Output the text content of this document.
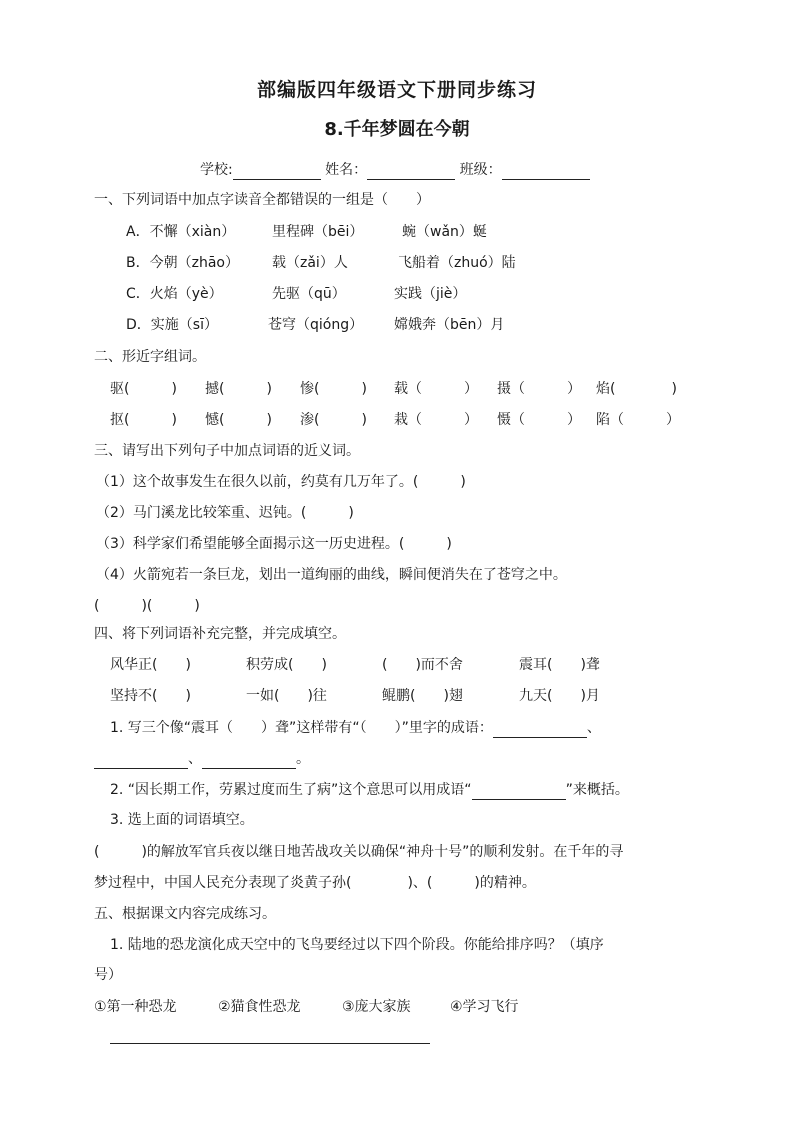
部编版四年级语文下册同步练习
8.千年梦圆在今朝
学校:	姓名：	班级：
一、下列词语中加点字读音全都错误的一组是（　　）
A．不懈（xiàn）	里程碑（bēi）	蜿（wǎn）蜒
B．今朝（zhāo） 载（zǎi）人	飞船着（zhuó）陆
C．火焰（yè）	先驱（qū）	实践（jiè）
D．实施（sī）	苍穹（qióng） 嫦娥奔（bēn）月
二、形近字组词。
驱(　　　) 撼(　　　) 惨(　　　) 载（　　　） 摄（　　　） 焰(　　　　)
抠(　　　) 憾(　　　) 渗(　　　) 栽（　　　） 慑（　　　） 陷（　　　）
三、请写出下列句子中加点词语的近义词。
（1）这个故事发生在很久以前，约莫有几万年了。(　　　)
（2）马门溪龙比较笨重、迟钝。(　　　)
（3）科学家们希望能够全面揭示这一历史进程。(　　　)
（4）火箭宛若一条巨龙，划出一道绚丽的曲线，瞬间便消失在了苍穹之中。
(　　　)(　　　)
四、将下列词语补充完整，并完成填空。
风华正(　　)	积劳成(　　)	(　　)而不舍	震耳(　　)聋
坚持不(　　)	一如(　　)往	鲲鹏(　　)翅	九天(　　)月
1. 写三个像“震耳（　　）聋”这样带有“（　　）”里字的成语：	、
、	。
2. “因长期工作，劳累过度而生了病”这个意思可以用成语“	”来概括。
3. 选上面的词语填空。
(　　　)的解放军官兵夜以继日地苦战攻关以确保“神舟十号”的顺利发射。在千年的寻
梦过程中，中国人民充分表现了炎黄子孙(　　　　)、(　　　)的精神。
五、根据课文内容完成练习。
1. 陆地的恐龙演化成天空中的飞鸟要经过以下四个阶段。你能给排序吗？（填序
号）
①第一种恐龙	②猫食性恐龙	③庞大家族	④学习飞行
